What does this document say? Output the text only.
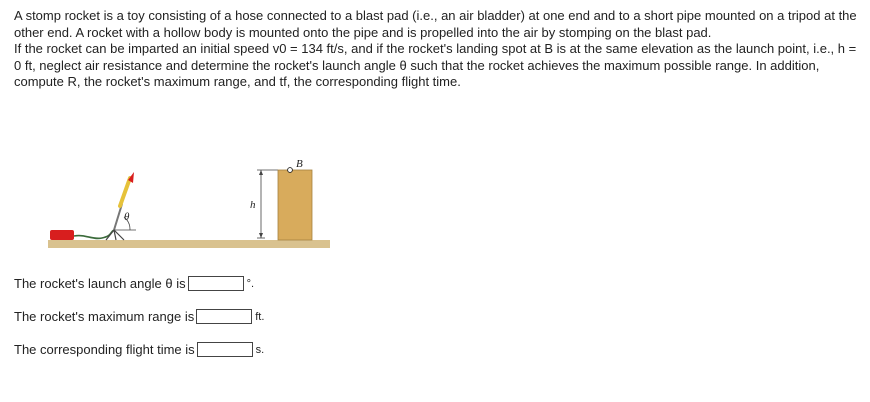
A stomp rocket is a toy consisting of a hose connected to a blast pad (i.e., an air bladder) at one end and to a short pipe mounted on a tripod at the other end. A rocket with a hollow body is mounted onto the pipe and is propelled into the air by stomping on the blast pad.

If the rocket can be imparted an initial speed v0 = 134 ft/s, and if the rocket's landing spot at B is at the same elevation as the launch point, i.e., h = 0 ft, neglect air resistance and determine the rocket's launch angle θ such that the rocket achieves the maximum possible range. In addition, compute R, the rocket's maximum range, and tf, the corresponding flight time.

θ
h
B
The rocket's launch angle θ is	°.
The rocket's maximum range is	ft.
The corresponding flight time is	s.
